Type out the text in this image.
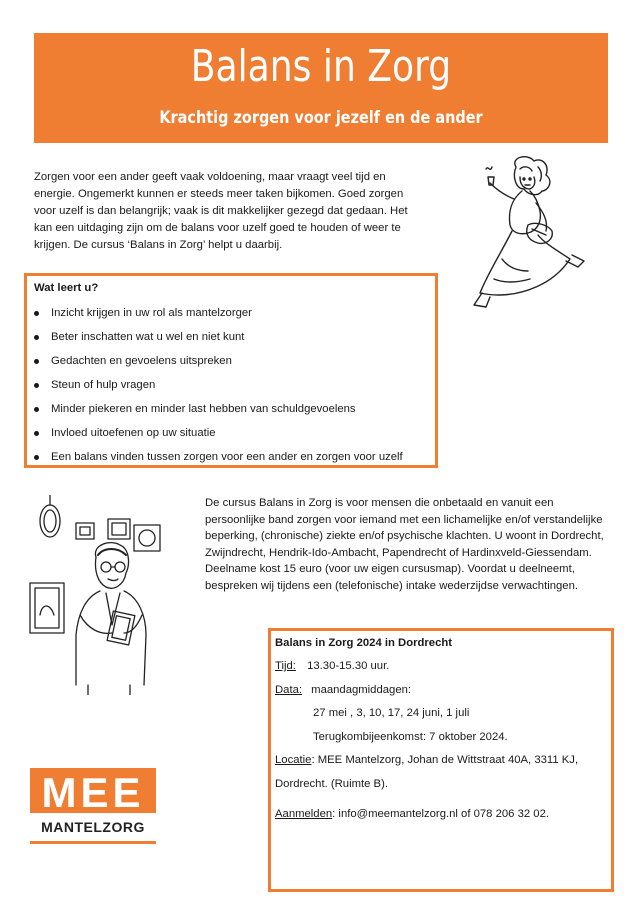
Balans in Zorg
Krachtig zorgen voor jezelf en de ander
Zorgen voor een ander geeft vaak voldoening, maar vraagt veel tijd en energie. Ongemerkt kunnen er steeds meer taken bijkomen. Goed zorgen voor uzelf is dan belangrijk; vaak is dit makkelijker gezegd dat gedaan. Het kan een uitdaging zijn om de balans voor uzelf goed te houden of weer te krijgen. De cursus ‘Balans in Zorg’ helpt u daarbij.
Wat leert u?
Inzicht krijgen in uw rol als mantelzorger
Beter inschatten wat u wel en niet kunt
Gedachten en gevoelens uitspreken
Steun of hulp vragen
Minder piekeren en minder last hebben van schuldgevoelens
Invloed uitoefenen op uw situatie
Een balans vinden tussen zorgen voor een ander en zorgen voor uzelf
De cursus Balans in Zorg is voor mensen die onbetaald en vanuit een persoonlijke band zorgen voor iemand met een lichamelijke en/of verstandelijke beperking, (chronische) ziekte en/of psychische klachten. U woont in Dordrecht, Zwijndrecht, Hendrik-Ido-Ambacht, Papendrecht of Hardinxveld-Giessendam. Deelname kost 15 euro (voor uw eigen cursusmap). Voordat u deelneemt, bespreken wij tijdens een (telefonische) intake wederzijdse verwachtingen.
Balans in Zorg 2024 in Dordrecht
Tijd: 13.30-15.30 uur.
Data: maandagmiddagen:
27 mei , 3, 10, 17, 24 juni, 1 juli
Terugkombijeenkomst: 7 oktober 2024.
Locatie: MEE Mantelzorg, Johan de Wittstraat 40A, 3311 KJ,
Dordrecht. (Ruimte B).
Aanmelden: info@meemantelzorg.nl of 078 206 32 02.
MEE
MANTELZORG
